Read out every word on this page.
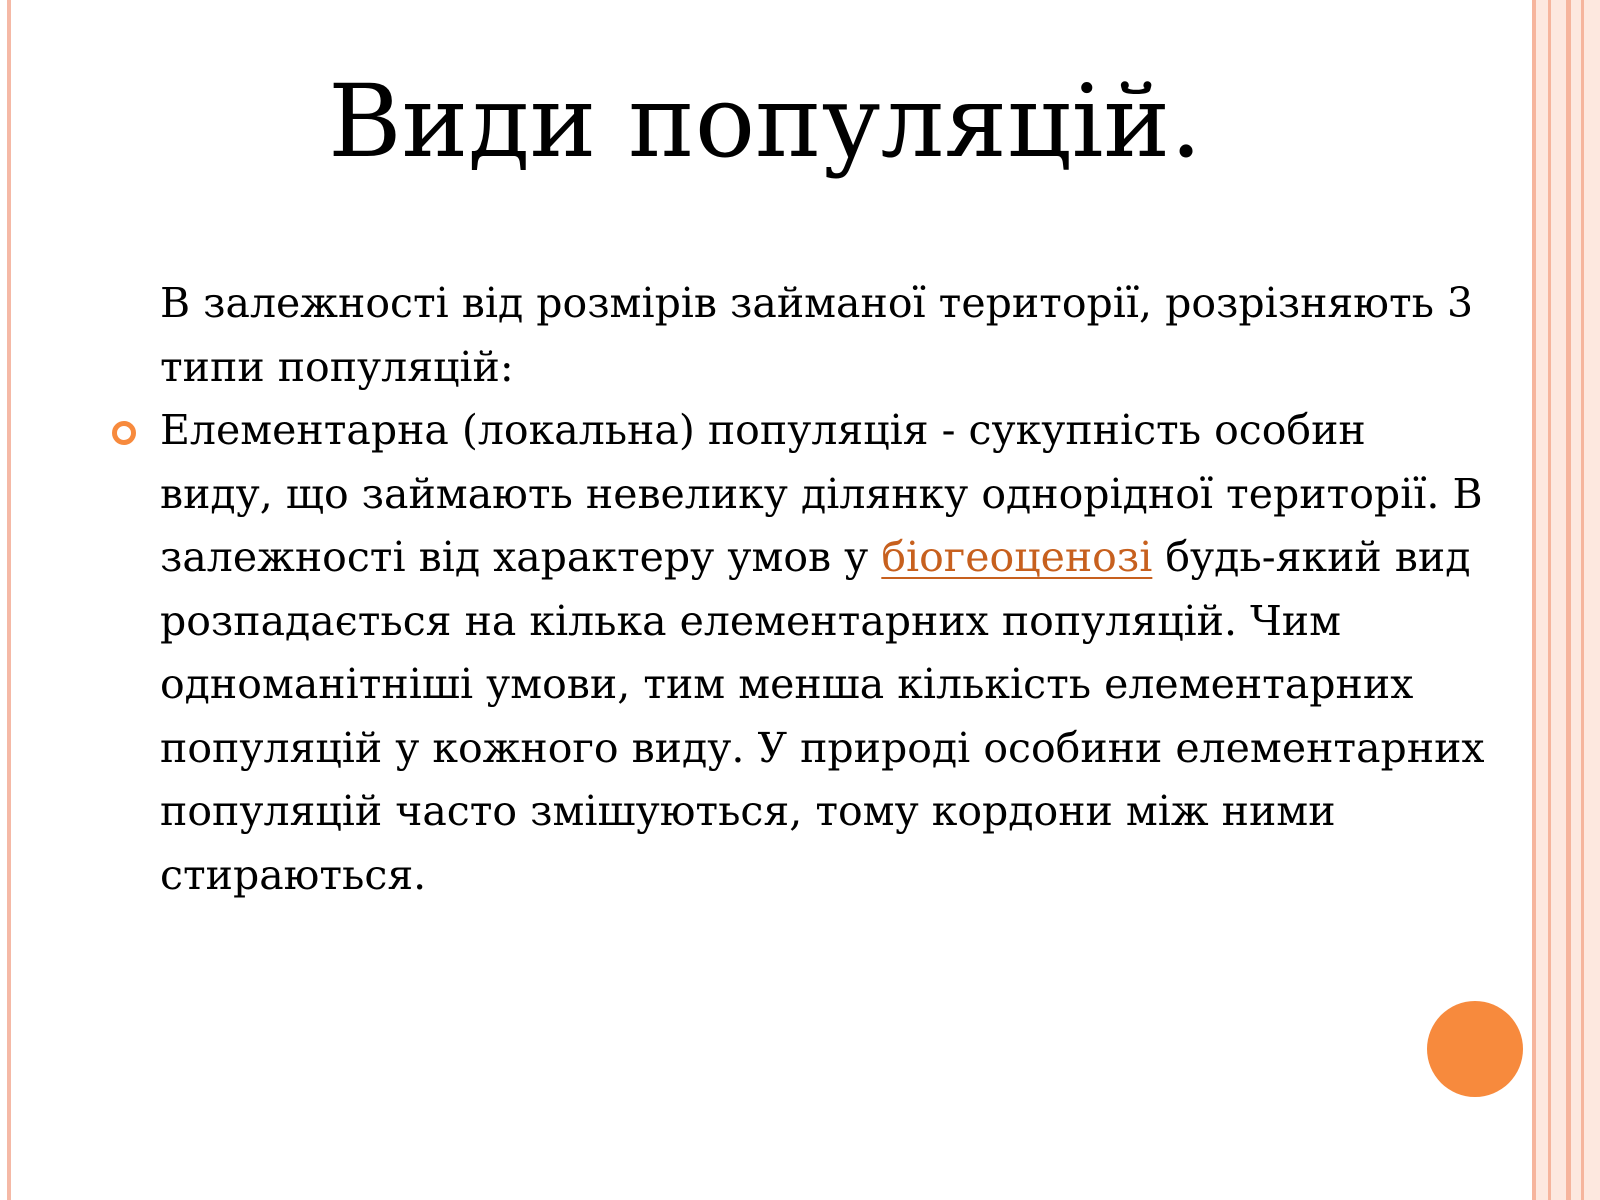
Види популяцій.

В залежності від розмірів займаної території, розрізняють 3 типи популяцій:

Елементарна (локальна) популяція - сукупність особин виду, що займають невелику ділянку однорідної території. В залежності від характеру умов у біогеоценозі будь-який вид розпадається на кілька елементарних популяцій. Чим одноманітніші умови, тим менша кількість елементарних популяцій у кожного виду. У природі особини елементарних популяцій часто змішуються, тому кордони між ними стираються.
